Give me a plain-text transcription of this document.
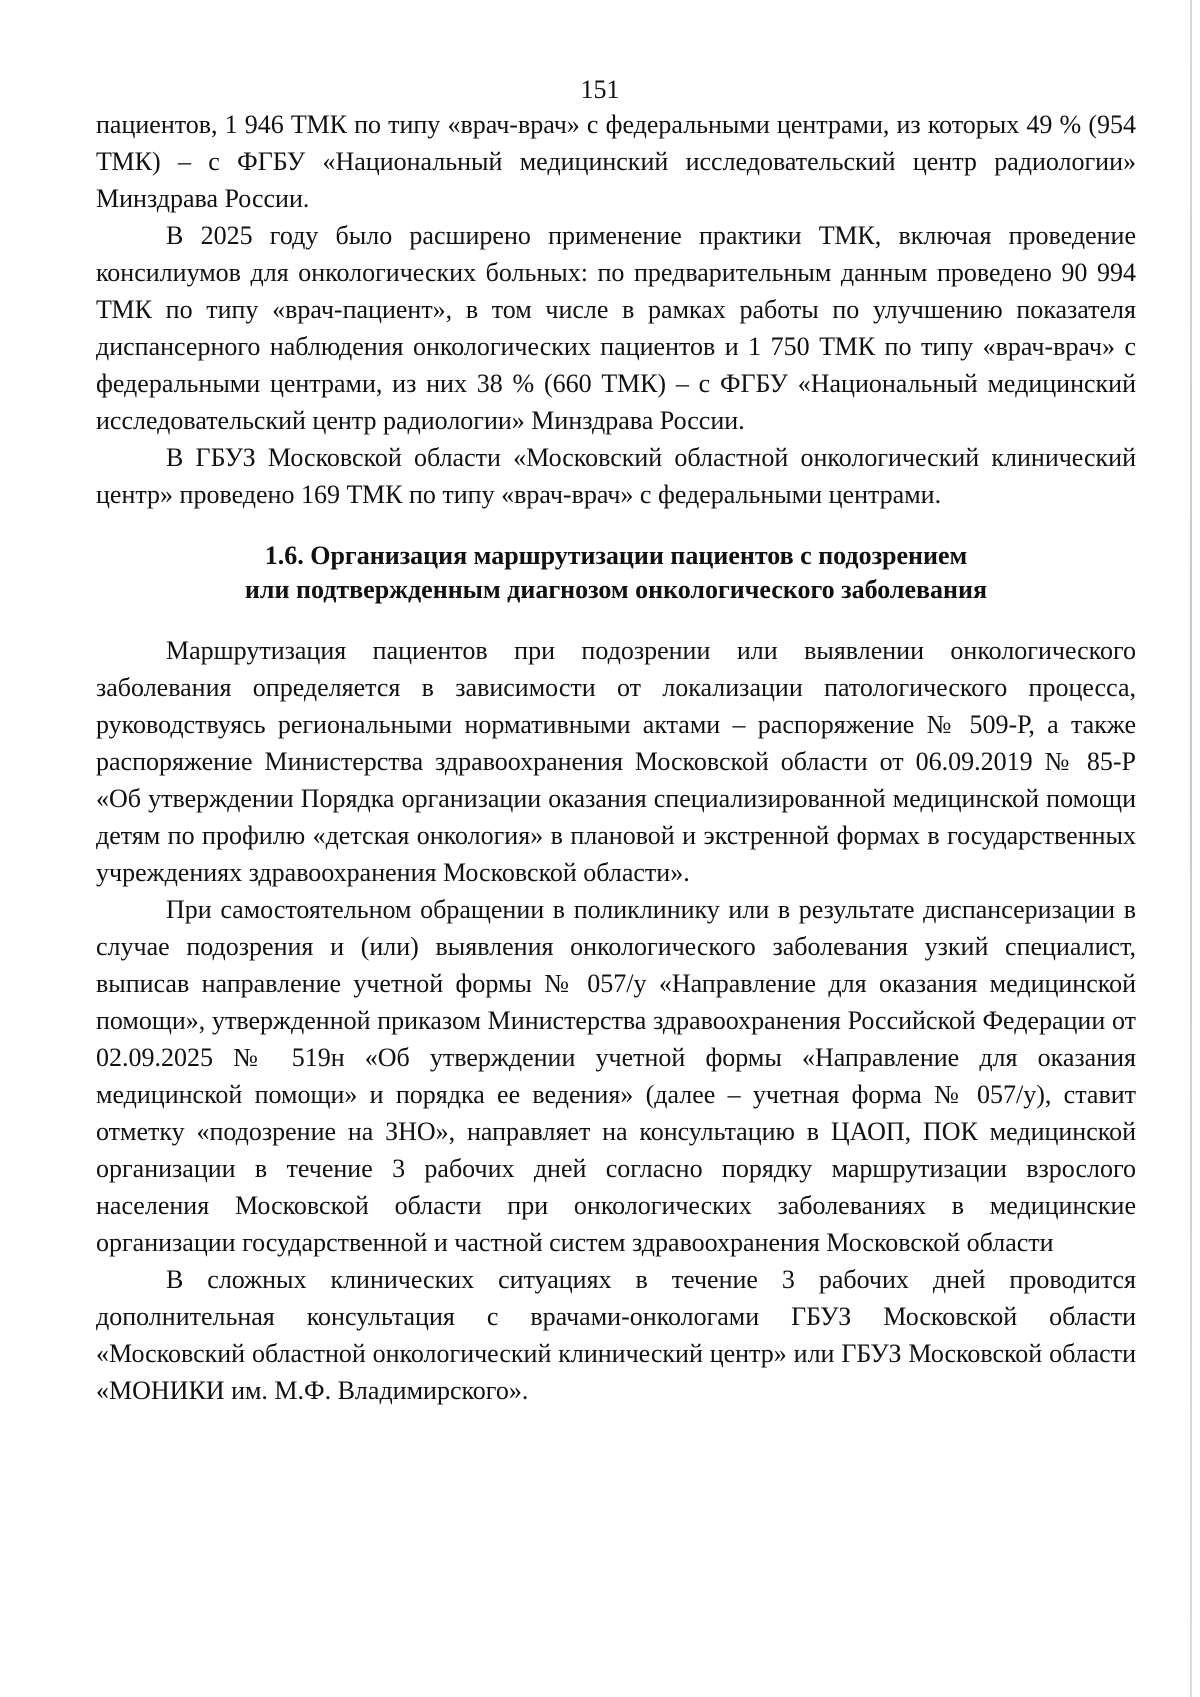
151

пациентов, 1 946 ТМК по типу «врач-врач» с федеральными центрами, из которых 49 % (954 ТМК) – с ФГБУ «Национальный медицинский исследовательский центр радиологии» Минздрава России.

В 2025 году было расширено применение практики ТМК, включая проведение консилиумов для онкологических больных: по предварительным данным проведено 90 994 ТМК по типу «врач-пациент», в том числе в рамках работы по улучшению показателя диспансерного наблюдения онкологических пациентов и 1 750 ТМК по типу «врач-врач» с федеральными центрами, из них 38 % (660 ТМК) – с ФГБУ «Национальный медицинский исследовательский центр радиологии» Минздрава России.

В ГБУЗ Московской области «Московский областной онкологический клинический центр» проведено 169 ТМК по типу «врач-врач» с федеральными центрами.

1.6. Организация маршрутизации пациентов с подозрением
или подтвержденным диагнозом онкологического заболевания

Маршрутизация пациентов при подозрении или выявлении онкологического заболевания определяется в зависимости от локализации патологического процесса, руководствуясь региональными нормативными актами – распоряжение № 509-Р, а также распоряжение Министерства здравоохранения Московской области от 06.09.2019 № 85-Р «Об утверждении Порядка организации оказания специализированной медицинской помощи детям по профилю «детская онкология» в плановой и экстренной формах в государственных учреждениях здравоохранения Московской области».

При самостоятельном обращении в поликлинику или в результате диспансеризации в случае подозрения и (или) выявления онкологического заболевания узкий специалист, выписав направление учетной формы № 057/у «Направление для оказания медицинской помощи», утвержденной приказом Министерства здравоохранения Российской Федерации от 02.09.2025 № 519н «Об утверждении учетной формы «Направление для оказания медицинской помощи» и порядка ее ведения» (далее – учетная форма № 057/у), ставит отметку «подозрение на ЗНО», направляет на консультацию в ЦАОП, ПОК медицинской организации в течение 3 рабочих дней согласно порядку маршрутизации взрослого населения Московской области при онкологических заболеваниях в медицинские организации государственной и частной систем здравоохранения Московской области

В сложных клинических ситуациях в течение 3 рабочих дней проводится дополнительная консультация с врачами-онкологами ГБУЗ Московской области «Московский областной онкологический клинический центр» или ГБУЗ Московской области «МОНИКИ им. М.Ф. Владимирского».
